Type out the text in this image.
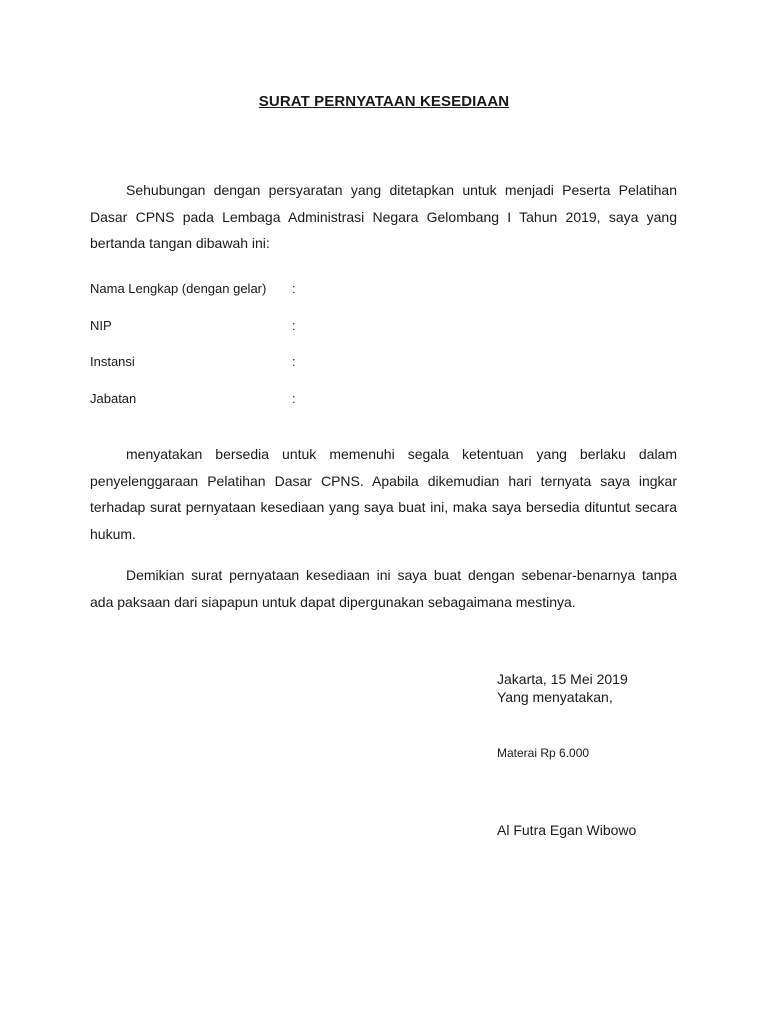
SURAT PERNYATAAN KESEDIAAN
Sehubungan dengan persyaratan yang ditetapkan untuk menjadi Peserta Pelatihan Dasar CPNS pada Lembaga Administrasi Negara Gelombang I Tahun 2019, saya yang bertanda tangan dibawah ini:
Nama Lengkap (dengan gelar) :
NIP	:
Instansi	:
Jabatan	:
menyatakan bersedia untuk memenuhi segala ketentuan yang berlaku dalam penyelenggaraan Pelatihan Dasar CPNS. Apabila dikemudian hari ternyata saya ingkar terhadap surat pernyataan kesediaan yang saya buat ini, maka saya bersedia dituntut secara hukum.
Demikian surat pernyataan kesediaan ini saya buat dengan sebenar-benarnya tanpa ada paksaan dari siapapun untuk dapat dipergunakan sebagaimana mestinya.
Jakarta, 15 Mei 2019
Yang menyatakan,
Materai Rp 6.000
Al Futra Egan Wibowo
